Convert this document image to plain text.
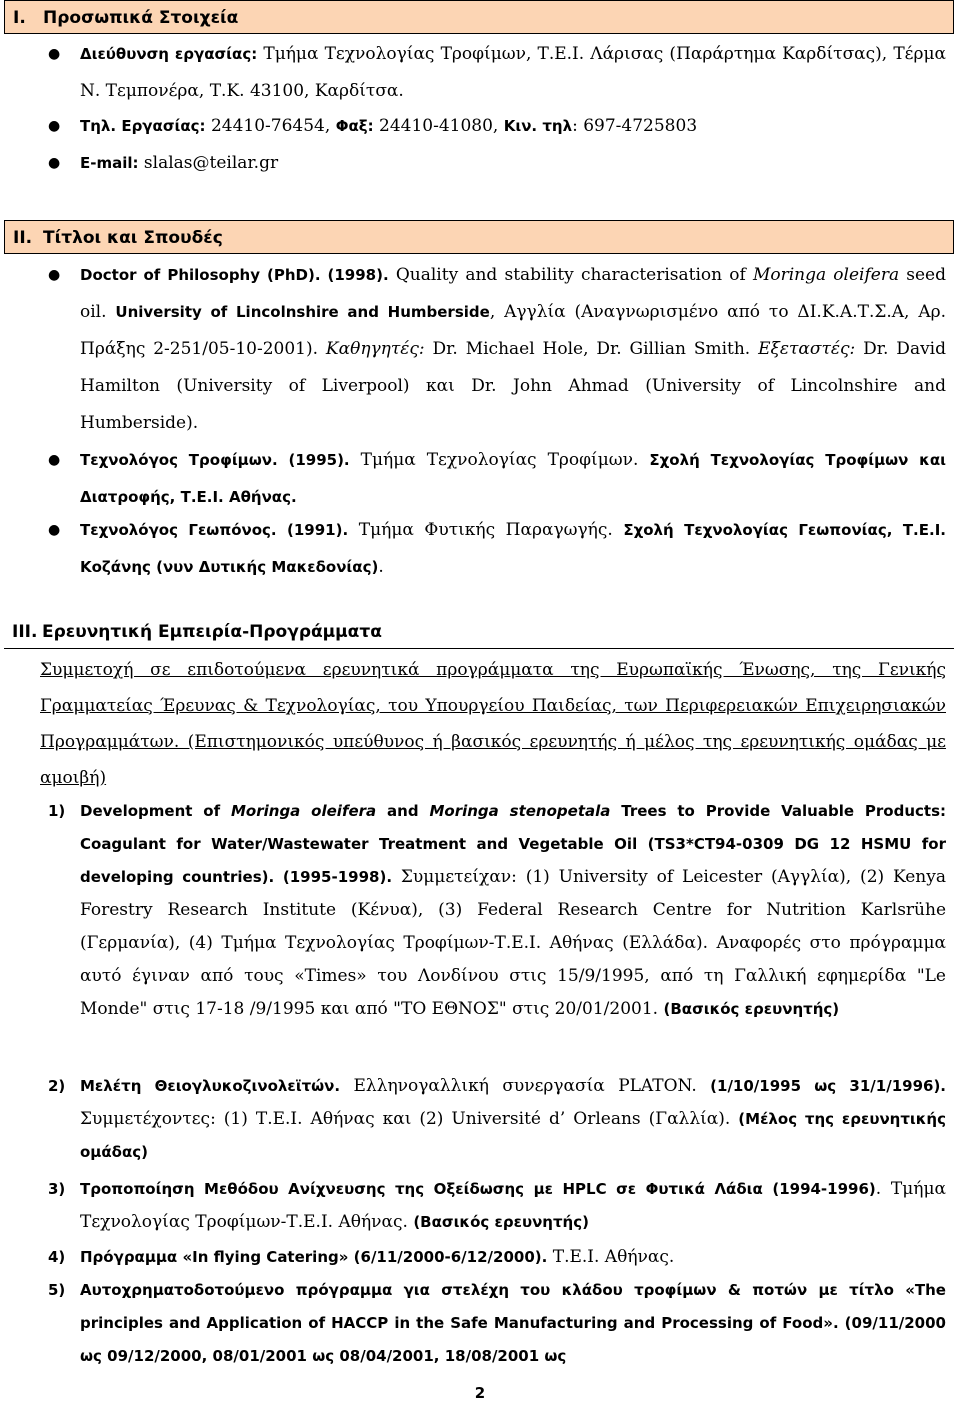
I. Προσωπικά Στοιχεία
● Διεύθυνση εργασίας: Τμήμα Τεχνολογίας Τροφίμων, Τ.Ε.Ι. Λάρισας (Παράρτημα Καρδίτσας), Τέρμα Ν. Τεμπονέρα, Τ.Κ. 43100, Καρδίτσα.
● Τηλ. Εργασίας: 24410-76454, Φαξ: 24410-41080, Κιν. τηλ: 697-4725803
● E-mail: slalas@teilar.gr
II. Τίτλοι και Σπουδές
● Doctor of Philosophy (PhD). (1998). Quality and stability characterisation of Moringa oleifera seed oil. University of Lincolnshire and Humberside, Αγγλία (Αναγνωρισμένο από το ΔΙ.Κ.Α.Τ.Σ.Α, Αρ. Πράξης 2-251/05-10-2001). Καθηγητές: Dr. Michael Hole, Dr. Gillian Smith. Εξεταστές: Dr. David Hamilton (University of Liverpool) και Dr. John Ahmad (University of Lincolnshire and Humberside).
● Τεχνολόγος Τροφίμων. (1995). Τμήμα Τεχνολογίας Τροφίμων. Σχολή Τεχνολογίας Τροφίμων και Διατροφής, Τ.Ε.Ι. Αθήνας.
● Τεχνολόγος Γεωπόνος. (1991). Τμήμα Φυτικής Παραγωγής. Σχολή Τεχνολογίας Γεωπονίας, Τ.Ε.Ι. Κοζάνης (νυν Δυτικής Μακεδονίας).
III. Ερευνητική Εμπειρία-Προγράμματα
Συμμετοχή σε επιδοτούμενα ερευνητικά προγράμματα της Ευρωπαϊκής Ένωσης, της Γενικής Γραμματείας Έρευνας & Τεχνολογίας, του Υπουργείου Παιδείας, των Περιφερειακών Επιχειρησιακών Προγραμμάτων. (Επιστημονικός υπεύθυνος ή βασικός ερευνητής ή μέλος της ερευνητικής ομάδας με αμοιβή)
1) Development of Moringa oleifera and Moringa stenopetala Trees to Provide Valuable Products: Coagulant for Water/Wastewater Treatment and Vegetable Oil (TS3*CT94-0309 DG 12 HSMU for developing countries). (1995-1998). Συμμετείχαν: (1) University of Leicester (Αγγλία), (2) Kenya Forestry Research Institute (Κένυα), (3) Federal Research Centre for Nutrition Karlsrühe (Γερμανία), (4) Τμήμα Τεχνολογίας Τροφίμων-Τ.Ε.Ι. Αθήνας (Ελλάδα). Αναφορές στο πρόγραμμα αυτό έγιναν από τους «Times» του Λονδίνου στις 15/9/1995, από τη Γαλλική εφημερίδα "Le Monde" στις 17-18 /9/1995 και από "ΤΟ ΕΘΝΟΣ" στις 20/01/2001. (Βασικός ερευνητής)
2) Μελέτη Θειογλυκοζινολεϊτών. Ελληνογαλλική συνεργασία PLATON. (1/10/1995 ως 31/1/1996). Συμμετέχοντες: (1) Τ.Ε.Ι. Αθήνας και (2) Université d’ Orleans (Γαλλία). (Μέλος της ερευνητικής ομάδας)
3) Τροποποίηση Μεθόδου Ανίχνευσης της Οξείδωσης με HPLC σε Φυτικά Λάδια (1994-1996). Τμήμα Τεχνολογίας Τροφίμων-Τ.Ε.Ι. Αθήνας. (Βασικός ερευνητής)
4) Πρόγραμμα «In flying Catering» (6/11/2000-6/12/2000). Τ.Ε.Ι. Αθήνας.
5) Αυτοχρηματοδοτούμενο πρόγραμμα για στελέχη του κλάδου τροφίμων & ποτών με τίτλο «The principles and Application of HACCP in the Safe Manufacturing and Processing of Food». (09/11/2000 ως 09/12/2000, 08/01/2001 ως 08/04/2001, 18/08/2001 ως
2
